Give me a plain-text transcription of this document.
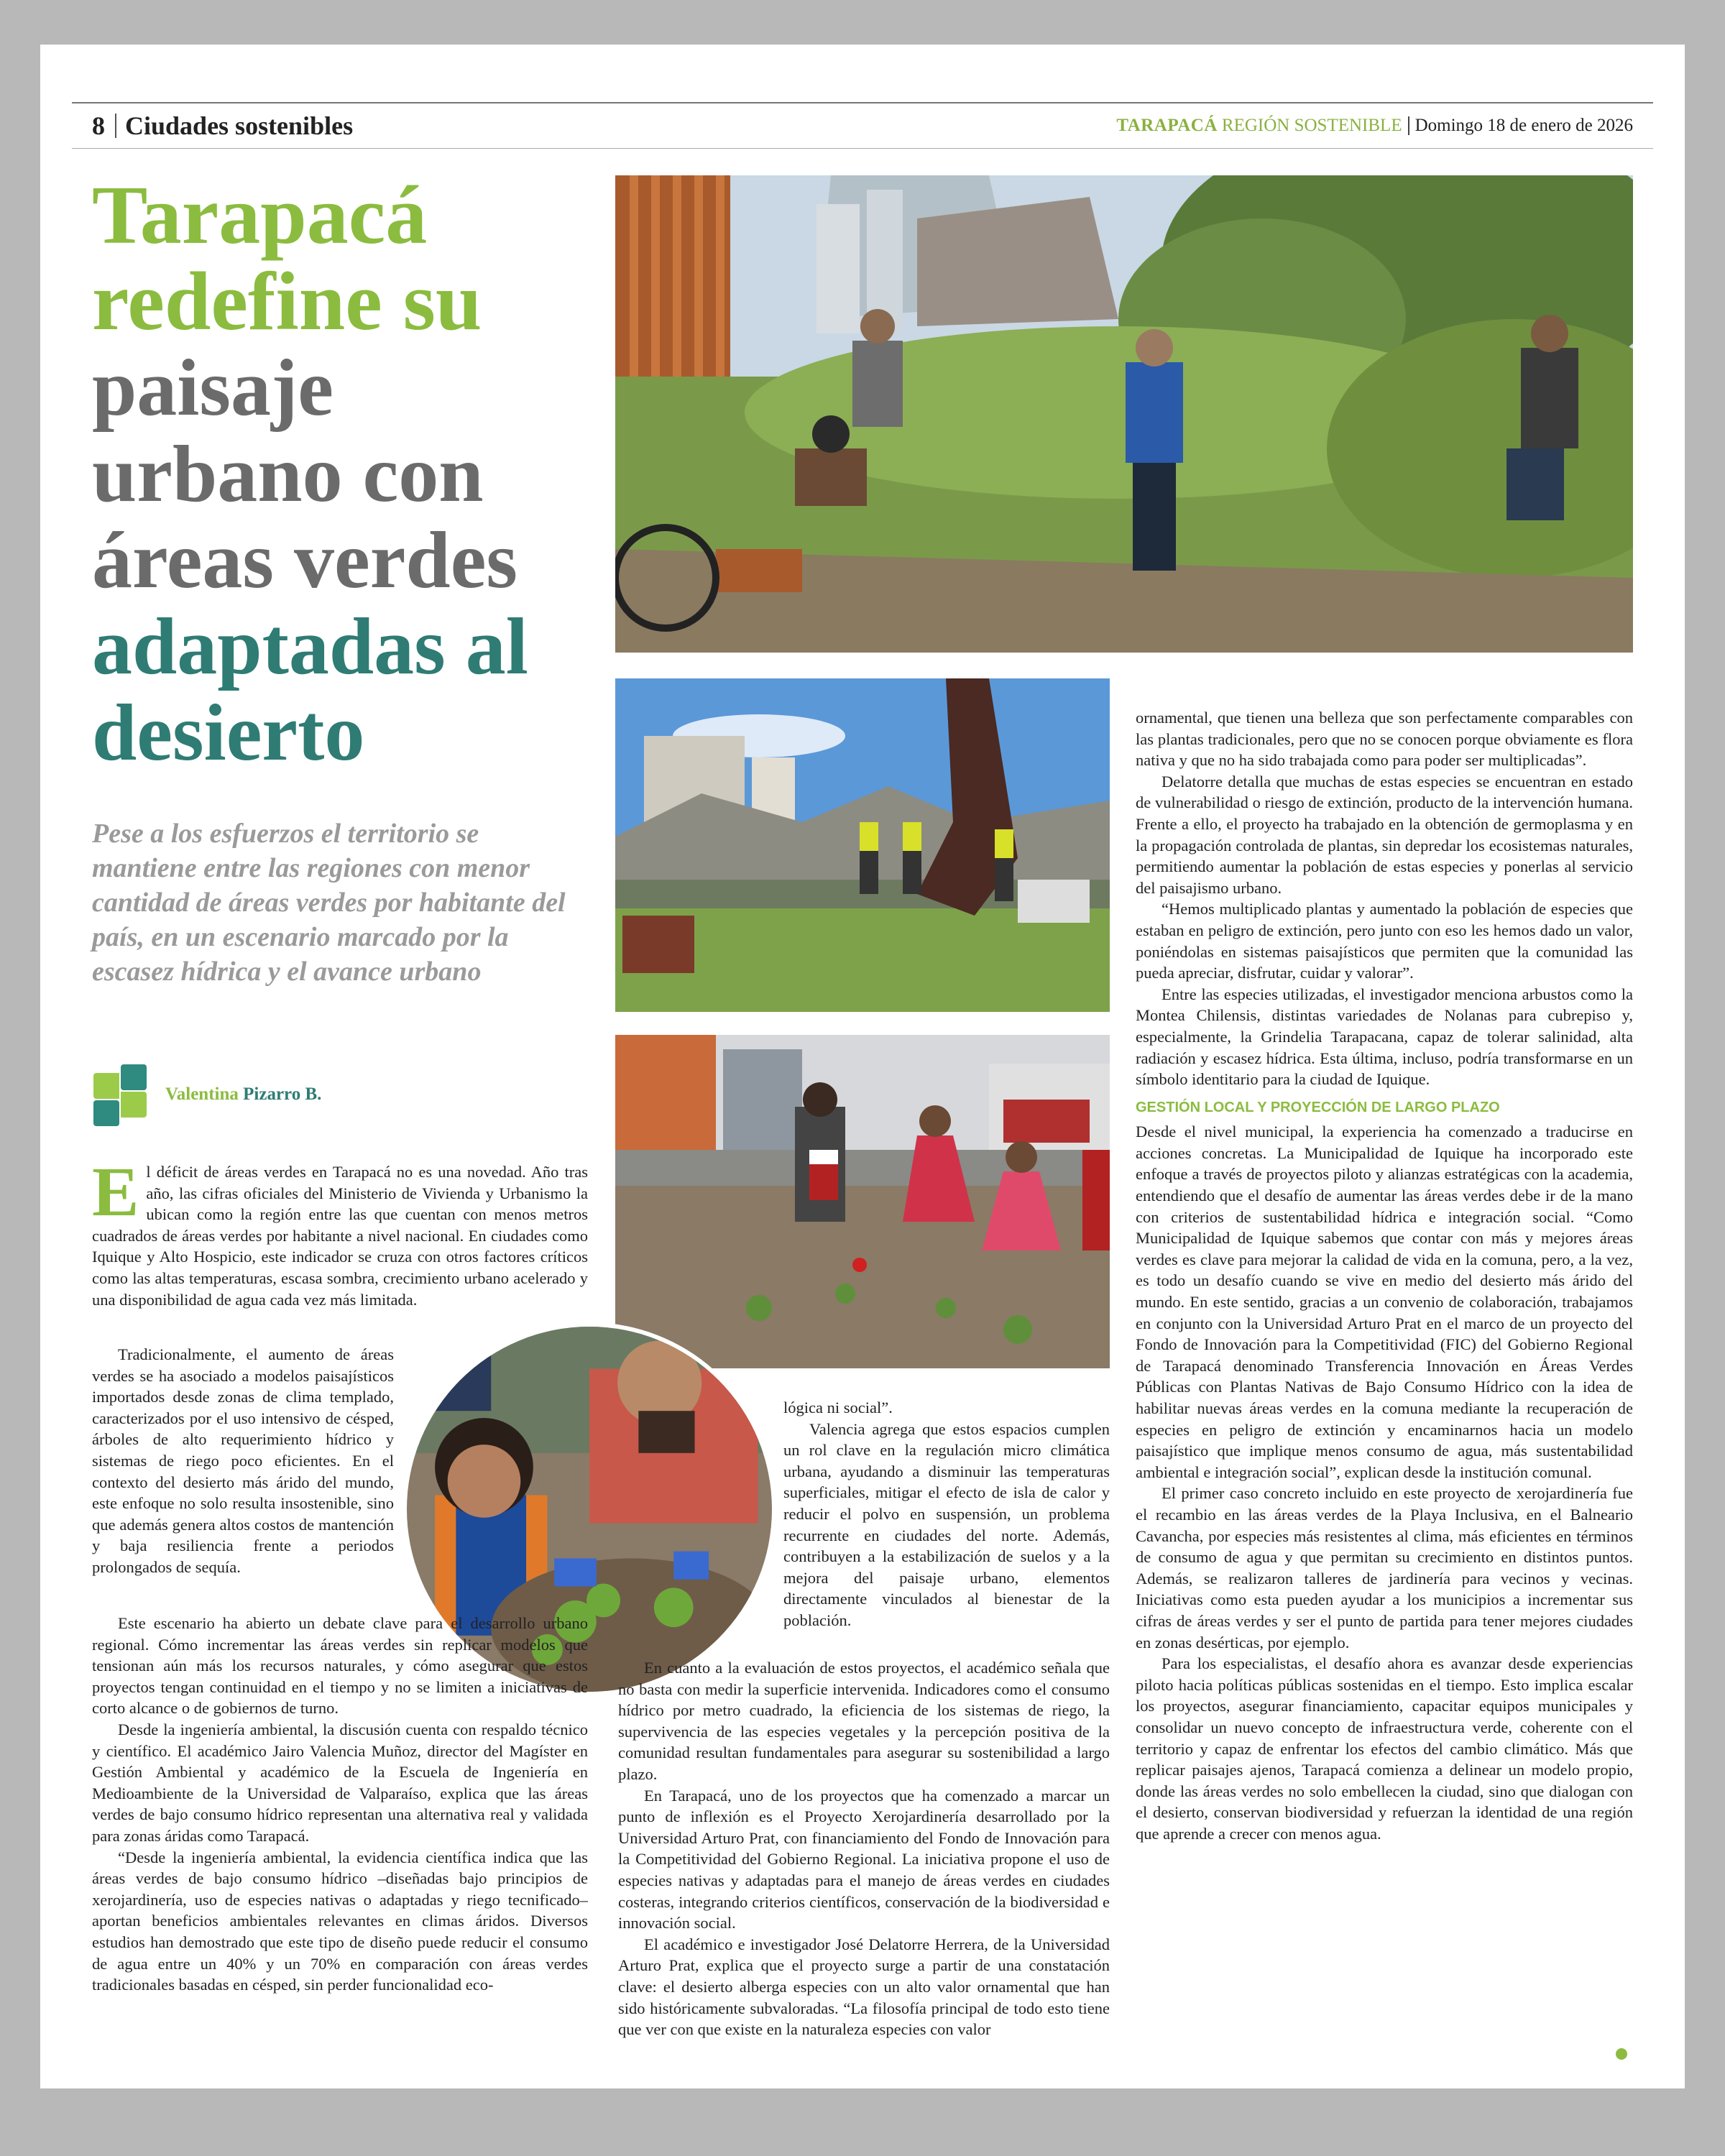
8 Ciudades sostenibles	TARAPACÁ REGIÓN SOSTENIBLE Domingo 18 de enero de 2026
Tarapacá
redefine su
paisaje
urbano con
áreas verdes
adaptadas al
desierto

Pese a los esfuerzos el territorio se mantiene entre las regiones con menor cantidad de áreas verdes por habitante del país, en un escenario marcado por la escasez hídrica y el avance urbano

Valentina Pizarro B.

El déficit de áreas verdes en Tarapacá no es una novedad. Año tras año, las cifras oficiales del Ministerio de Vivienda y Urbanismo la ubican como la región entre las que cuentan con menos metros cuadrados de áreas verdes por habitante a nivel nacional. En ciudades como Iquique y Alto Hospicio, este indicador se cruza con otros factores críticos como las altas temperaturas, escasa sombra, crecimiento urbano acelerado y una disponibilidad de agua cada vez más limitada.

Tradicionalmente, el aumento de áreas verdes se ha asociado a modelos paisajísticos importados desde zonas de clima templado, caracterizados por el uso intensivo de césped, árboles de alto requerimiento hídrico y sistemas de riego poco eficientes. En el contexto del desierto más árido del mundo, este enfoque no solo resulta insostenible, sino que además genera altos costos de mantención y baja resiliencia frente a periodos prolongados de sequía.

Este escenario ha abierto un debate clave para el desarrollo urbano regional. Cómo incrementar las áreas verdes sin replicar modelos que tensionan aún más los recursos naturales, y cómo asegurar que estos proyectos tengan continuidad en el tiempo y no se limiten a iniciativas de corto alcance o de gobiernos de turno.

Desde la ingeniería ambiental, la discusión cuenta con respaldo técnico y científico. El académico Jairo Valencia Muñoz, director del Magíster en Gestión Ambiental y académico de la Escuela de Ingeniería en Medioambiente de la Universidad de Valparaíso, explica que las áreas verdes de bajo consumo hídrico representan una alternativa real y validada para zonas áridas como Tarapacá.

“Desde la ingeniería ambiental, la evidencia científica indica que las áreas verdes de bajo consumo hídrico –diseñadas bajo principios de xerojardinería, uso de especies nativas o adaptadas y riego tecnificado– aportan beneficios ambientales relevantes en climas áridos. Diversos estudios han demostrado que este tipo de diseño puede reducir el consumo de agua entre un 40% y un 70% en comparación con áreas verdes tradicionales basadas en césped, sin perder funcionalidad eco-

lógica ni social”.

Valencia agrega que estos espacios cumplen un rol clave en la regulación micro climática urbana, ayudando a disminuir las temperaturas superficiales, mitigar el efecto de isla de calor y reducir el polvo en suspensión, un problema recurrente en ciudades del norte. Además, contribuyen a la estabilización de suelos y a la mejora del paisaje urbano, elementos directamente vinculados al bienestar de la población.

En cuanto a la evaluación de estos proyectos, el académico señala que no basta con medir la superficie intervenida. Indicadores como el consumo hídrico por metro cuadrado, la eficiencia de los sistemas de riego, la supervivencia de las especies vegetales y la percepción positiva de la comunidad resultan fundamentales para asegurar su sostenibilidad a largo plazo.

En Tarapacá, uno de los proyectos que ha comenzado a marcar un punto de inflexión es el Proyecto Xerojardinería desarrollado por la Universidad Arturo Prat, con financiamiento del Fondo de Innovación para la Competitividad del Gobierno Regional. La iniciativa propone el uso de especies nativas y adaptadas para el manejo de áreas verdes en ciudades costeras, integrando criterios científicos, conservación de la biodiversidad e innovación social.

El académico e investigador José Delatorre Herrera, de la Universidad Arturo Prat, explica que el proyecto surge a partir de una constatación clave: el desierto alberga especies con un alto valor ornamental que han sido históricamente subvaloradas. “La filosofía principal de todo esto tiene que ver con que existe en la naturaleza especies con valor

ornamental, que tienen una belleza que son perfectamente comparables con las plantas tradicionales, pero que no se conocen porque obviamente es flora nativa y que no ha sido trabajada como para poder ser multiplicadas”.

Delatorre detalla que muchas de estas especies se encuentran en estado de vulnerabilidad o riesgo de extinción, producto de la intervención humana. Frente a ello, el proyecto ha trabajado en la obtención de germoplasma y en la propagación controlada de plantas, sin depredar los ecosistemas naturales, permitiendo aumentar la población de estas especies y ponerlas al servicio del paisajismo urbano.

“Hemos multiplicado plantas y aumentado la población de especies que estaban en peligro de extinción, pero junto con eso les hemos dado un valor, poniéndolas en sistemas paisajísticos que permiten que la comunidad las pueda apreciar, disfrutar, cuidar y valorar”.

Entre las especies utilizadas, el investigador menciona arbustos como la Montea Chilensis, distintas variedades de Nolanas para cubrepiso y, especialmente, la Grindelia Tarapacana, capaz de tolerar salinidad, alta radiación y escasez hídrica. Esta última, incluso, podría transformarse en un símbolo identitario para la ciudad de Iquique.

GESTIÓN LOCAL Y PROYECCIÓN DE LARGO PLAZO

Desde el nivel municipal, la experiencia ha comenzado a traducirse en acciones concretas. La Municipalidad de Iquique ha incorporado este enfoque a través de proyectos piloto y alianzas estratégicas con la academia, entendiendo que el desafío de aumentar las áreas verdes debe ir de la mano con criterios de sustentabilidad hídrica e integración social. “Como Municipalidad de Iquique sabemos que contar con más y mejores áreas verdes es clave para mejorar la calidad de vida en la comuna, pero, a la vez, es todo un desafío cuando se vive en medio del desierto más árido del mundo. En este sentido, gracias a un convenio de colaboración, trabajamos en conjunto con la Universidad Arturo Prat en el marco de un proyecto del Fondo de Innovación para la Competitividad (FIC) del Gobierno Regional de Tarapacá denominado Transferencia Innovación en Áreas Verdes Públicas con Plantas Nativas de Bajo Consumo Hídrico con la idea de habilitar nuevas áreas verdes en la comuna mediante la recuperación de especies en peligro de extinción y encaminarnos hacia un modelo paisajístico que implique menos consumo de agua, más sustentabilidad ambiental e integración social”, explican desde la institución comunal.

El primer caso concreto incluido en este proyecto de xerojardinería fue el recambio en las áreas verdes de la Playa Inclusiva, en el Balneario Cavancha, por especies más resistentes al clima, más eficientes en términos de consumo de agua y que permitan su crecimiento en distintos puntos. Además, se realizaron talleres de jardinería para vecinos y vecinas. Iniciativas como esta pueden ayudar a los municipios a incrementar sus cifras de áreas verdes y ser el punto de partida para tener mejores ciudades en zonas desérticas, por ejemplo.

Para los especialistas, el desafío ahora es avanzar desde experiencias piloto hacia políticas públicas sostenidas en el tiempo. Esto implica escalar los proyectos, asegurar financiamiento, capacitar equipos municipales y consolidar un nuevo concepto de infraestructura verde, coherente con el territorio y capaz de enfrentar los efectos del cambio climático. Más que replicar paisajes ajenos, Tarapacá comienza a delinear un modelo propio, donde las áreas verdes no solo embellecen la ciudad, sino que dialogan con el desierto, conservan biodiversidad y refuerzan la identidad de una región que aprende a crecer con menos agua.
